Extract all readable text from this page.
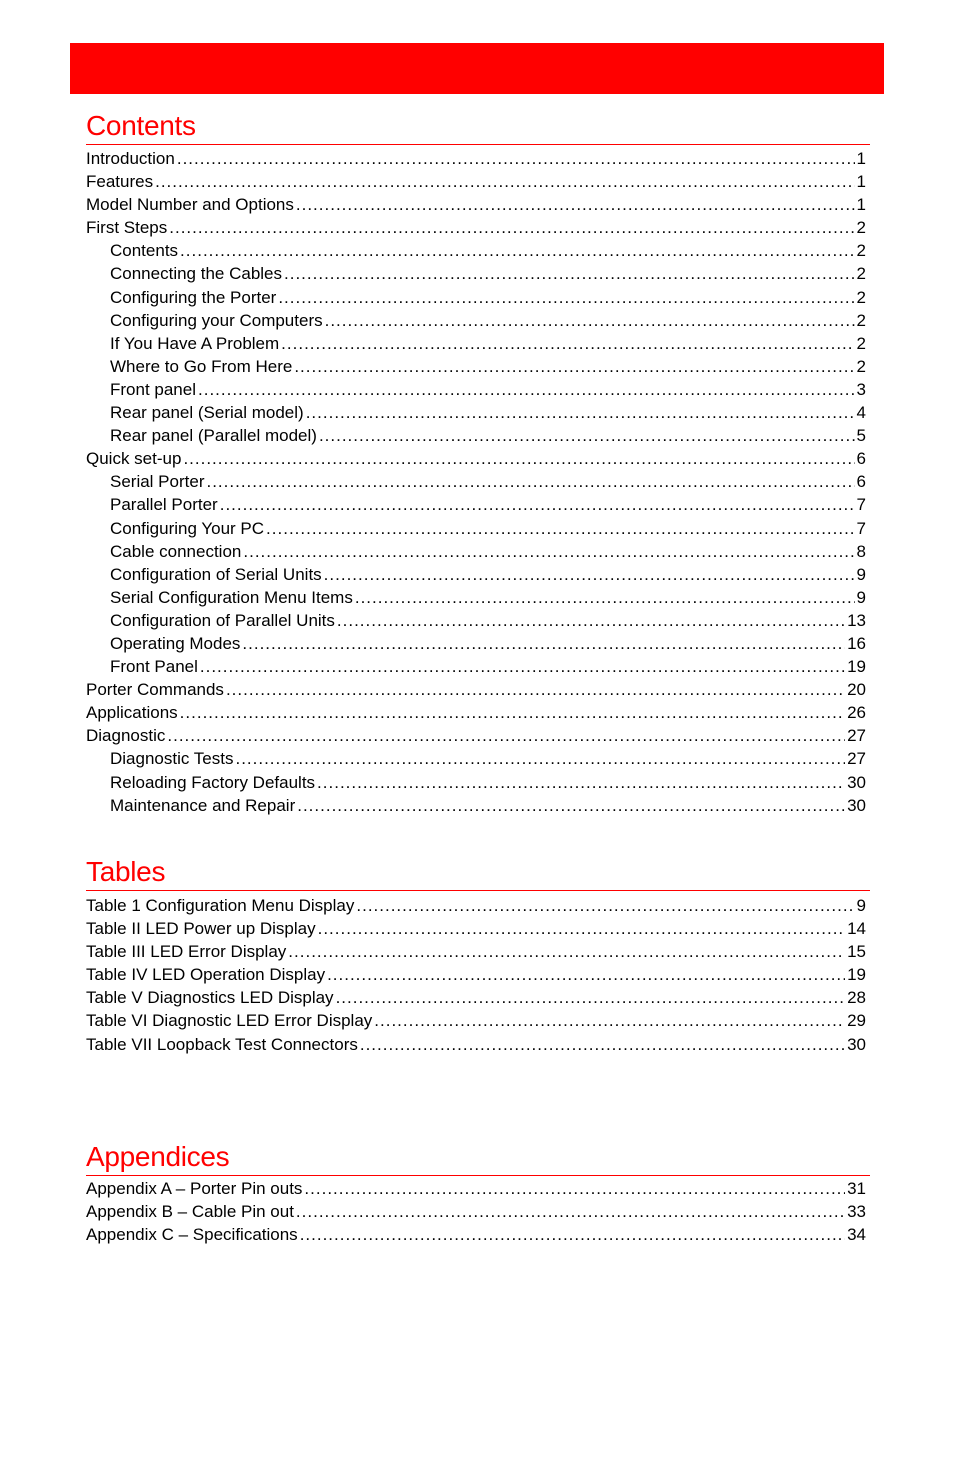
Contents
Introduction .....	1
Features .....	1
Model Number and Options .....	1
First Steps .....	2
Contents .....	2
Connecting the Cables .....	2
Configuring the Porter .....	2
Configuring your Computers .....	2
If You Have A Problem .....	2
Where to Go From Here .....	2
Front panel .....	3
Rear panel (Serial model) .....	4
Rear panel (Parallel model) .....	5
Quick set-up .....	6
Serial Porter .....	6
Parallel Porter .....	7
Configuring Your PC .....	7
Cable connection .....	8
Configuration of Serial Units .....	9
Serial Configuration Menu Items .....	9
Configuration of Parallel Units .....	13
Operating Modes .....	16
Front Panel .....	19
Porter Commands .....	20
Applications .....	26
Diagnostic .....	27
Diagnostic Tests .....	27
Reloading Factory Defaults .....	30
Maintenance and Repair .....	30
Tables
Table 1 Configuration Menu Display .....	9
Table II LED Power up Display .....	14
Table III LED Error Display .....	15
Table IV LED Operation Display .....	19
Table V Diagnostics LED Display .....	28
Table VI Diagnostic LED Error Display .....	29
Table VII Loopback Test Connectors .....	30
Appendices
Appendix A – Porter Pin outs .....	31
Appendix B – Cable Pin out .....	33
Appendix C – Specifications .....	34
